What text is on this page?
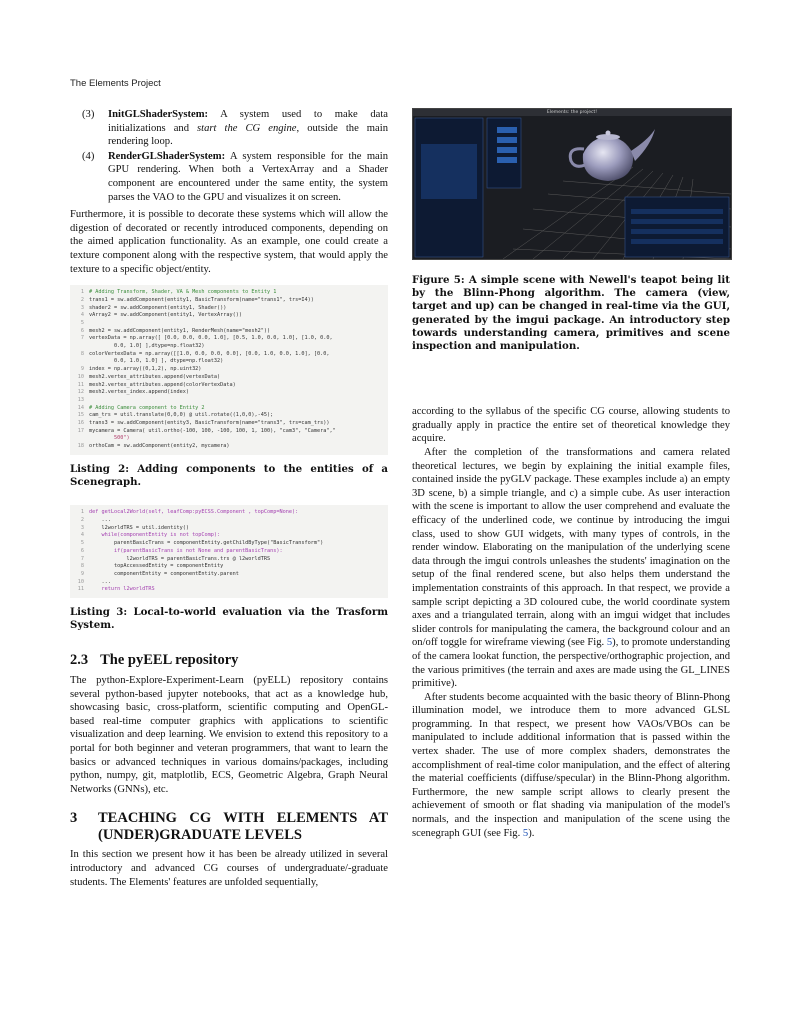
The Elements Project
(3)	InitGLShaderSystem: A system used to make data initializations and start the CG engine, outside the main rendering loop.
(4)	RenderGLShaderSystem: A system responsible for the main GPU rendering. When both a VertexArray and a Shader component are encountered under the same entity, the system parses the VAO to the GPU and visualizes it on screen.

Furthermore, it is possible to decorate these systems which will allow the digestion of decorated or recently introduced components, depending on the aimed application functionality. As an example, one could create a texture component along with the respective system, that would apply the texture to a specific object/entity.

1 # Adding Transform, Shader, VA & Mesh components to Entity 1
2 trans1 = sw.addComponent(entity1, BasicTransform(name="trans1", trs=I4))
3 shader2 = sw.addComponent(entity1, Shader())
4 vArray2 = sw.addComponent(entity1, VertexArray())
5
6 mesh2 = sw.addComponent(entity1, RenderMesh(name="mesh2"))
7 vertexData = np.array([ [0.0, 0.0, 0.0, 1.0], [0.5, 1.0, 0.0, 1.0], [1.0, 0.0,
0.0, 1.0] ],dtype=np.float32)
8 colorVertexData = np.array([[1.0, 0.0, 0.0, 0.0], [0.0, 1.0, 0.0, 1.0], [0.0,
0.0, 1.0, 1.0] ], dtype=np.float32)
9 index = np.array((0,1,2), np.uint32)
10 mesh2.vertex_attributes.append(vertexData)
11 mesh2.vertex_attributes.append(colorVertexData)
12 mesh2.vertex_index.append(index)
13
14 # Adding Camera component to Entity 2
15 cam_trs = util.translate(0,0,0) @ util.rotate((1,0,0),-45);
16 trans3 = sw.addComponent(entity3, BasicTransform(name="trans3", trs=cam_trs))
17 mycamera = Camera( util.ortho(-100, 100, -100, 100, 1, 100), "cam3", "Camera","
500")
18 orthoCam = sw.addComponent(entity2, mycamera)
Listing 2: Adding components to the entities of a Scenegraph.
1 def getLocal2World(self, leafComp:pyECSS.Component , topComp=None):
2    ...
3    l2worldTRS = util.identity()
4    while(componentEntity is not topComp):
5        parentBasicTrans = componentEntity.getChildByType("BasicTransform")
6        if(parentBasicTrans is not None and parentBasicTrans):
7            l2worldTRS = parentBasicTrans.trs @ l2worldTRS
8        topAccessedEntity = componentEntity
9        componentEntity = componentEntity.parent
10    ...
11    return l2worldTRS
Listing 3: Local-to-world evaluation via the Trasform System.
2.3 The pyEEL repository

The python-Explore-Experiment-Learn (pyELL) repository contains several python-based jupyter notebooks, that act as a knowledge hub, showcasing basic, cross-platform, scientific computing and OpenGL-based real-time computer graphics with applications to scientific visualization and deep learning. We envision to extend this repository to a portal for both beginner and veteran programmers, that want to learn the basics or advanced techniques in various domains/packages, including python, numpy, git, matplotlib, ECS, Geometric Algebra, Graph Neural Networks (GNNs), etc.

3	TEACHING CG WITH ELEMENTS AT (UNDER)GRADUATE LEVELS

In this section we present how it has been be already utilized in several introductory and advanced CG courses of undergraduate/-graduate students. The Elements' features are unfolded sequentially,

Elements: the project!
Figure 5: A simple scene with Newell's teapot being lit by the Blinn-Phong algorithm. The camera (view, target and up) can be changed in real-time via the GUI, generated by the imgui package. An introductory step towards understanding camera, primitives and scene inspection and manipulation.

according to the syllabus of the specific CG course, allowing students to gradually apply in practice the entire set of theoretical knowledge they acquire.

After the completion of the transformations and camera related theoretical lectures, we begin by explaining the initial example files, contained inside the pyGLV package. These examples include a) an empty 3D scene, b) a simple triangle, and c) a simple cube. As user interaction with the scene is important to allow the user comprehend and evaluate the efficacy of the underlined code, we continue by introducing the imgui class, used to show GUI widgets, with many types of controls, in the render window. Elaborating on the manipulation of the underlying scene data through the imgui controls unleashes the students' imagination on the setup of the final rendered scene, but also helps them understand the implementation constraints of this approach. In that respect, we provide a sample script depicting a 3D coloured cube, the world coordinate system axes and a triangulated terrain, along with an imgui widget that includes slider controls for manipulating the camera, the background colour and an on/off toggle for wireframe viewing (see Fig. 5), to promote understanding of the camera lookat function, the perspective/orthographic projection, and the various primitives (the terrain and axes are made using the GL_LINES primitive).

After students become acquainted with the basic theory of Blinn-Phong illumination model, we introduce them to more advanced GLSL programming. In that respect, we present how VAOs/VBOs can be manipulated to include additional information that is passed within the vertex shader. The use of more complex shaders, demonstrates the accomplishment of real-time color manipulation, and the effect of altering the material coefficients (diffuse/specular) in the Blinn-Phong algorithm. Furthermore, the new sample script allows to clearly present the achievement of smooth or flat shading via manipulation of the model's normals, and the inspection and manipulation of the scene using the scenegraph GUI (see Fig. 5).
